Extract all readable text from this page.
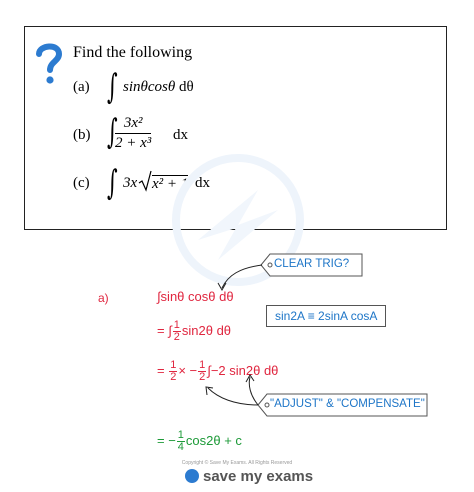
Find the following
(a) ∫ sinθcosθ dθ
(b) ∫
$\frac{\text{3x²}}{\text{2 + x³}}$ dx
(c) ∫ 3x x² + 1 dx
a)	∫sinθ cosθ dθ
= ∫ $\frac{1}{2} \sin 2\theta$ dθ
= $\frac{1}{2}$ × − $\frac{1}{2} \int-2$ sin2θ dθ
= − $\frac{1}{4} \cos 2\theta + c$
CLEAR TRIG?
sin2A ≡ 2sinA cosA
"ADJUST" & "COMPENSATE"
Copyright © Save My Exams. All Rights Reserved
save my exams
